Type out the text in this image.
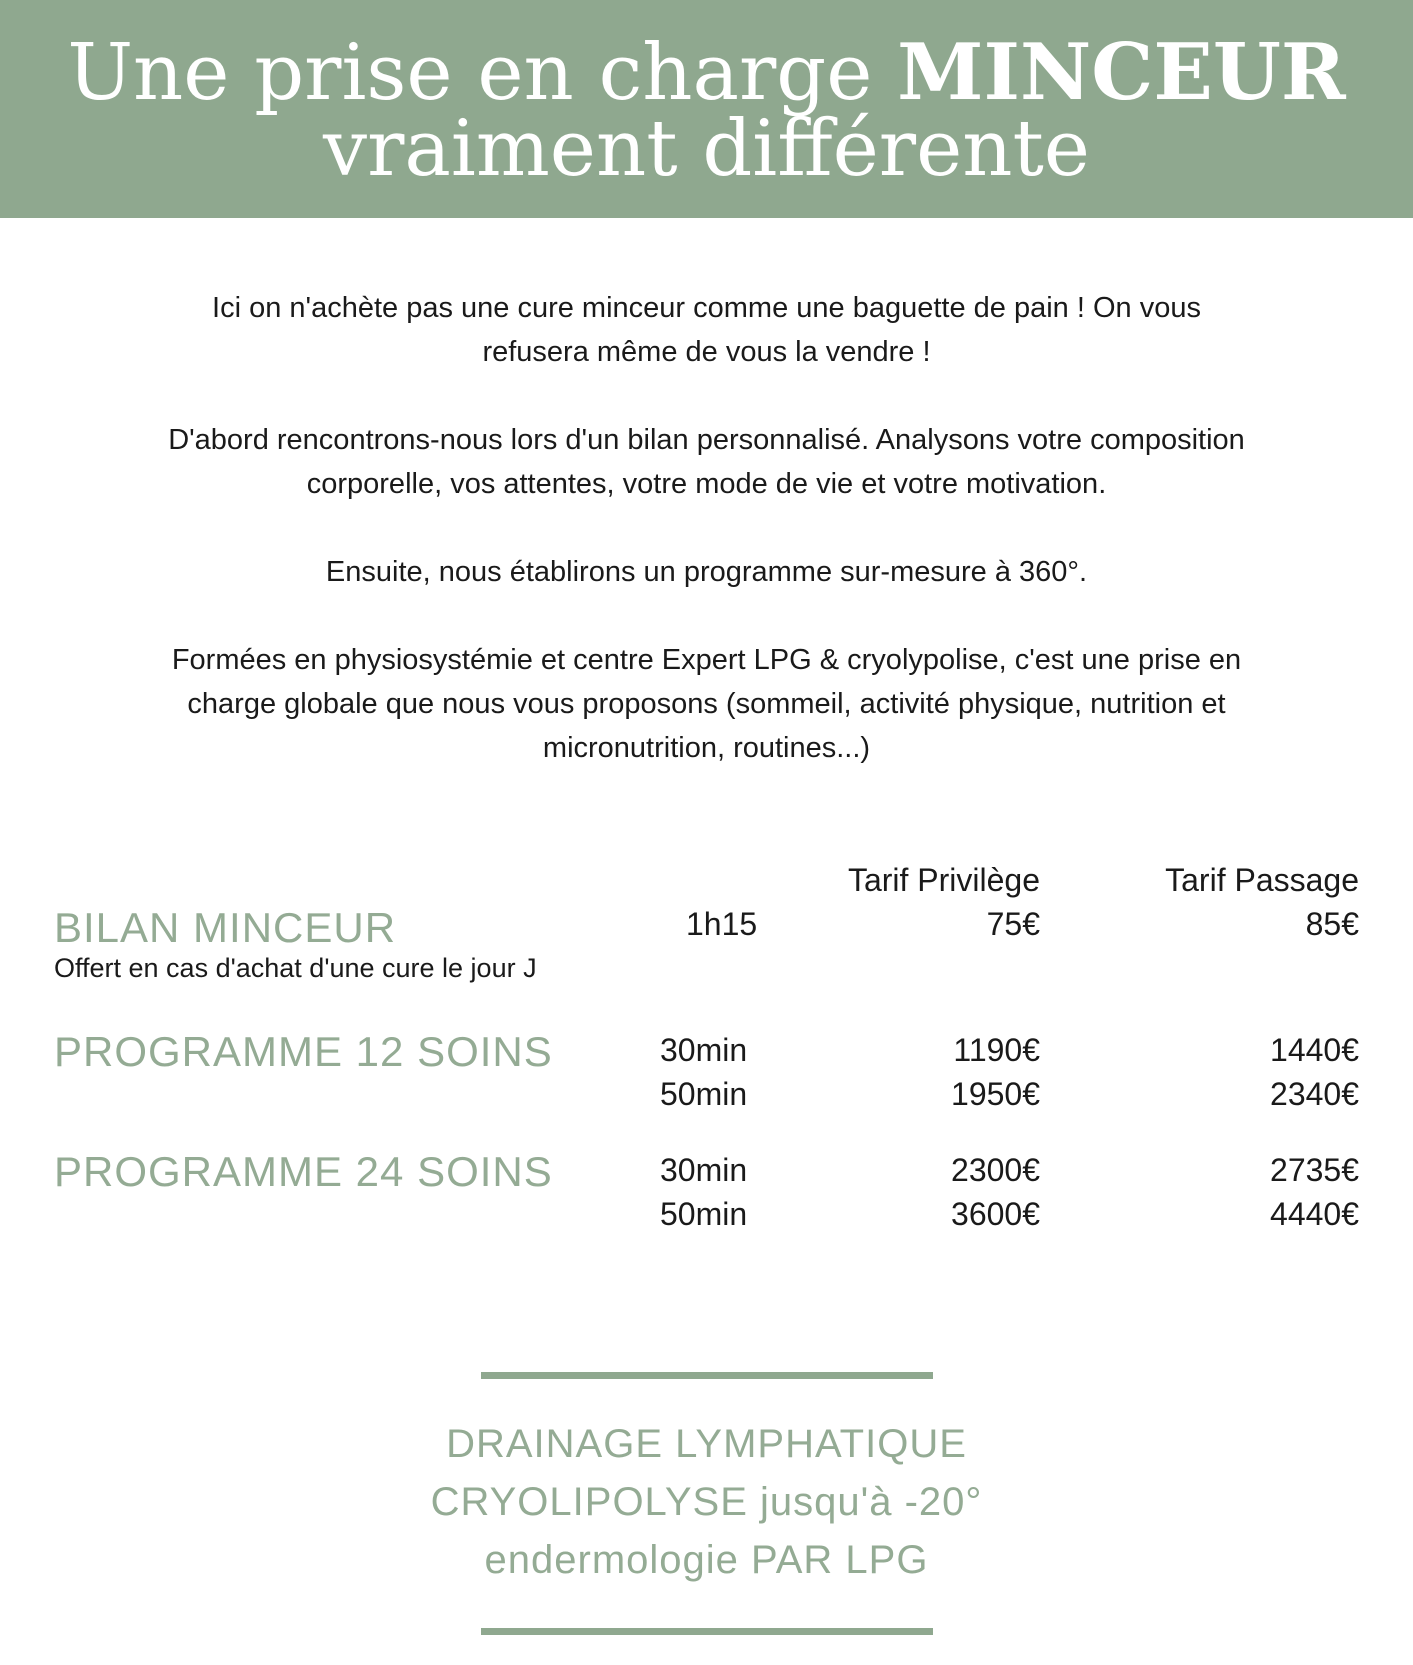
Une prise en charge MINCEUR
vraiment différente
Ici on n'achète pas une cure minceur comme une baguette de pain ! On vous
refusera même de vous la vendre !
D'abord rencontrons-nous lors d'un bilan personnalisé. Analysons votre composition
corporelle, vos attentes, votre mode de vie et votre motivation.
Ensuite, nous établirons un programme sur-mesure à 360°.
Formées en physiosystémie et centre Expert LPG & cryolypolise, c'est une prise en
charge globale que nous vous proposons (sommeil, activité physique, nutrition et
micronutrition, routines...)
Tarif Privilège	Tarif Passage
BILAN MINCEUR
Offert en cas d'achat d'une cure le jour J
1h15	75€	85€
PROGRAMME 12 SOINS	30min	1190€	1440€
50min	1950€	2340€
PROGRAMME 24 SOINS	30min	2300€	2735€
50min	3600€	4440€
DRAINAGE LYMPHATIQUE
CRYOLIPOLYSE jusqu'à -20°
endermologie PAR LPG
